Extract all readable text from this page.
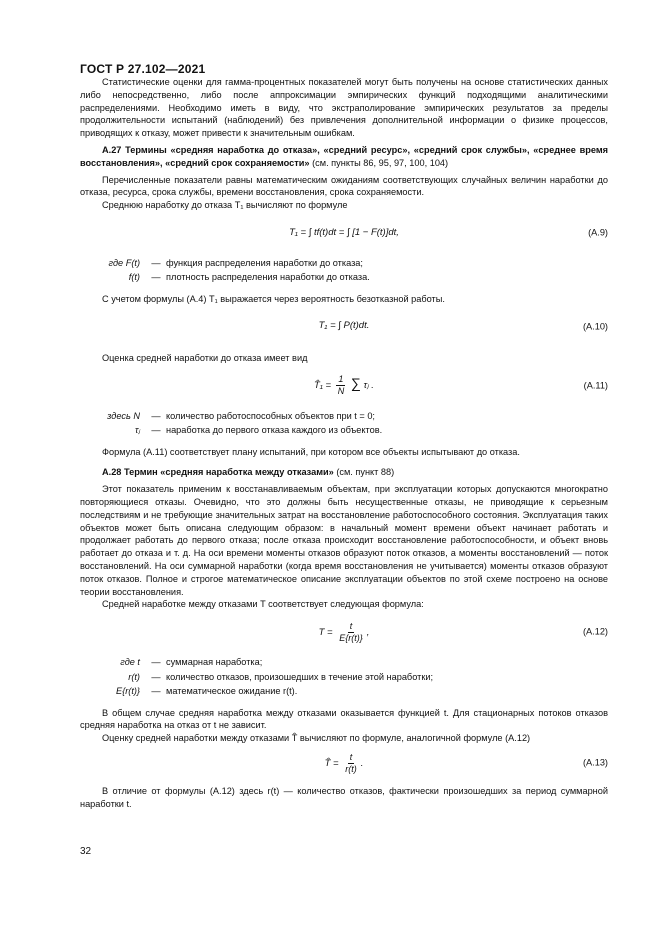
ГОСТ Р 27.102—2021

Статистические оценки для гамма-процентных показателей могут быть получены на основе статистических данных либо непосредственно, либо после аппроксимации эмпирических функций подходящими аналитическими распределениями. Необходимо иметь в виду, что экстраполирование эмпирических результатов за пределы продолжительности испытаний (наблюдений) без привлечения дополнительной информации о физике процессов, приводящих к отказу, может привести к значительным ошибкам.

А.27 Термины «средняя наработка до отказа», «средний ресурс», «средний срок службы», «среднее время восстановления», «средний срок сохраняемости» (см. пункты 86, 95, 97, 100, 104)

Перечисленные показатели равны математическим ожиданиям соответствующих случайных величин наработки до отказа, ресурса, срока службы, времени восстановления, срока сохраняемости.

Среднюю наработку до отказа T₁ вычисляют по формуле

T₁ = ∫ tf(t)dt = ∫ [1 − F(t)]dt,	(А.9)
где F(t)	— функция распределения наработки до отказа;
f(t)	— плотность распределения наработки до отказа.

С учетом формулы (А.4) T₁ выражается через вероятность безотказной работы.

T₁ = ∫ P(t)dt.	(А.10)

Оценка средней наработки до отказа имеет вид

T̂₁ = $\frac{1}{N}$ ∑ τⱼ .	(А.11)
здесь N	— количество работоспособных объектов при t = 0;
τⱼ	— наработка до первого отказа каждого из объектов.

Формула (А.11) соответствует плану испытаний, при котором все объекты испытывают до отказа.

А.28 Термин «средняя наработка между отказами» (см. пункт 88)

Этот показатель применим к восстанавливаемым объектам, при эксплуатации которых допускаются многократно повторяющиеся отказы. Очевидно, что это должны быть несущественные отказы, не приводящие к серьезным последствиям и не требующие значительных затрат на восстановление работоспособного состояния. Эксплуатация таких объектов может быть описана следующим образом: в начальный момент времени объект начинает работать и продолжает работать до первого отказа; после отказа происходит восстановление работоспособности, и объект вновь работает до отказа и т. д. На оси времени моменты отказов образуют поток отказов, а моменты восстановлений — поток восстановлений. На оси суммарной наработки (когда время восстановления не учитывается) моменты отказов образуют поток отказов. Полное и строгое математическое описание эксплуатации объектов по этой схеме построено на основе теории восстановления.

Средней наработке между отказами T соответствует следующая формула:

$T = \frac{t}{E\{r(t)\}}$ ,	(А.12)
где t	— суммарная наработка;
r(t)	— количество отказов, произошедших в течение этой наработки;
E{r(t)}	— математическое ожидание r(t).

В общем случае средняя наработка между отказами оказывается функцией t. Для стационарных потоков отказов средняя наработка на отказ от t не зависит.

Оценку средней наработки между отказами T̂ вычисляют по формуле, аналогичной формуле (А.12)

T̂ = $\frac{t}{r(t)}$ .	(А.13)

В отличие от формулы (А.12) здесь r(t) — количество отказов, фактически произошедших за период суммарной наработки t.

32
